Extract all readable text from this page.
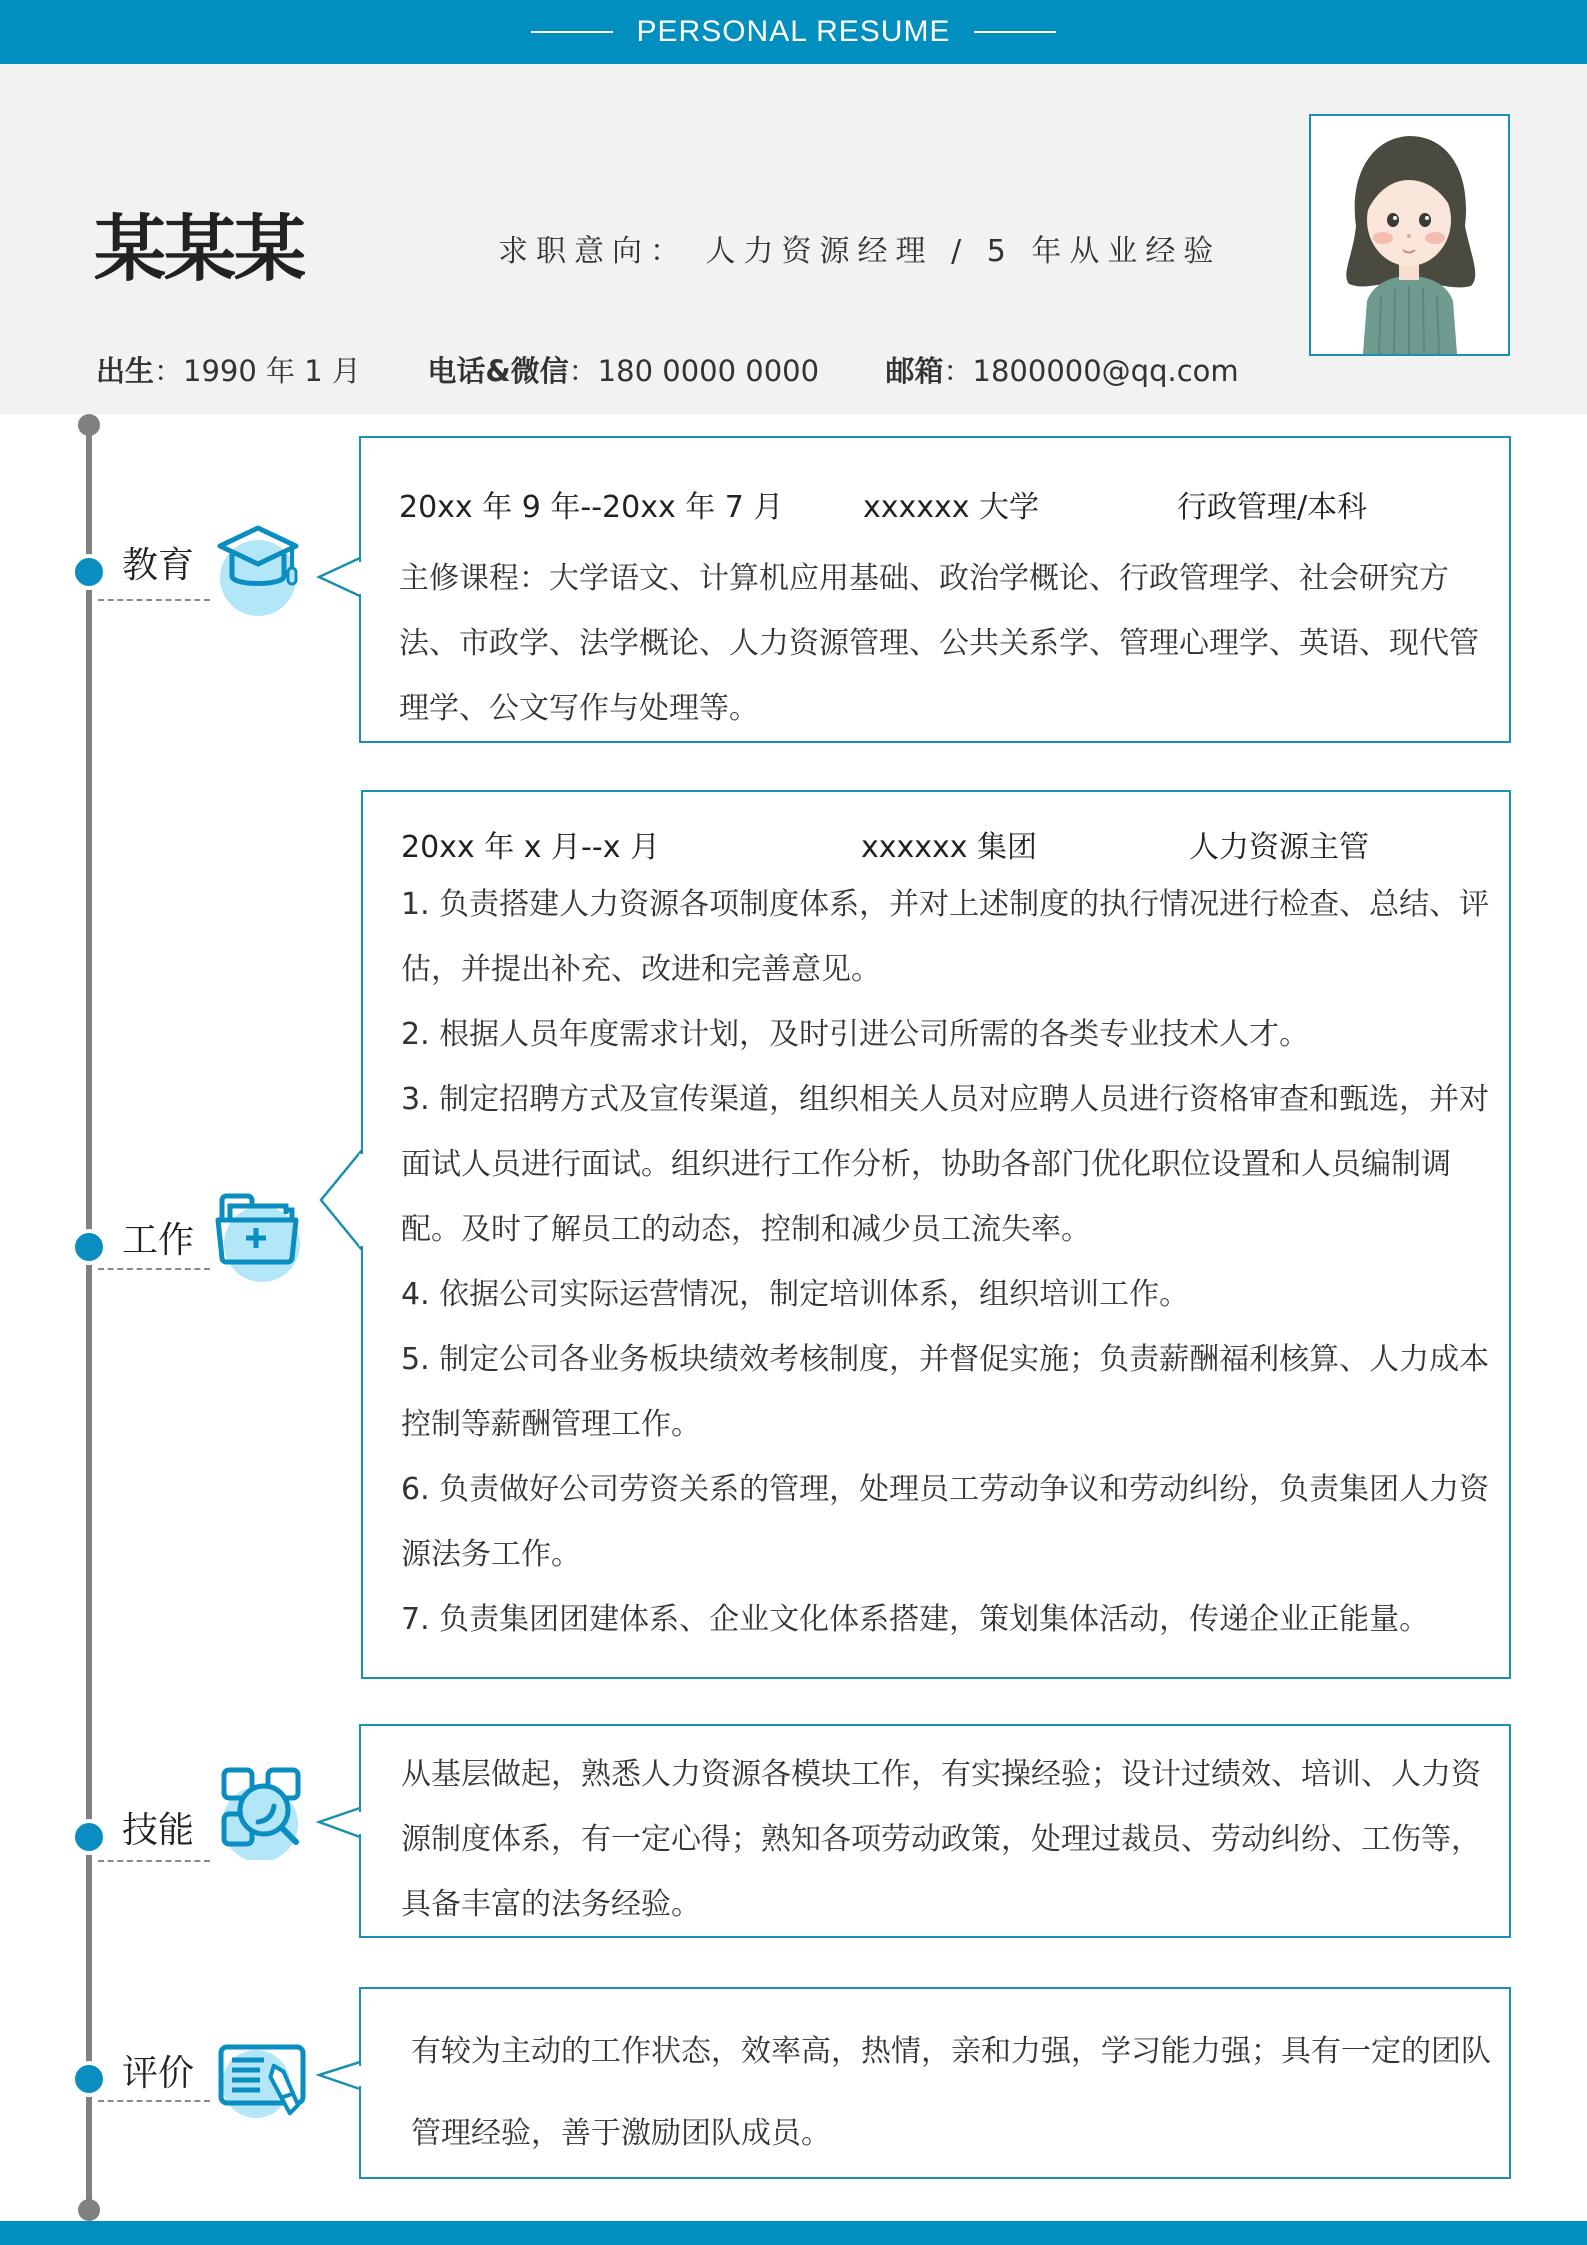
PERSONAL RESUME
某某某	求职意向： 人力资源经理 / 5 年从业经验
出生：1990 年 1 月 电话&微信：180 0000 0000 邮箱：1800000@qq.com
教育
20xx 年 9 年--20xx 年 7 月	xxxxxx 大学	行政管理/本科
主修课程：大学语文、计算机应用基础、政治学概论、行政管理学、社会研究方法、市政学、法学概论、人力资源管理、公共关系学、管理心理学、英语、现代管理学、公文写作与处理等。
工作
20xx 年 x 月--x 月	xxxxxx 集团	人力资源主管
1. 负责搭建人力资源各项制度体系，并对上述制度的执行情况进行检查、总结、评估，并提出补充、改进和完善意见。
2. 根据人员年度需求计划，及时引进公司所需的各类专业技术人才。
3. 制定招聘方式及宣传渠道，组织相关人员对应聘人员进行资格审查和甄选，并对面试人员进行面试。组织进行工作分析，协助各部门优化职位设置和人员编制调配。及时了解员工的动态，控制和减少员工流失率。
4. 依据公司实际运营情况，制定培训体系，组织培训工作。
5. 制定公司各业务板块绩效考核制度，并督促实施；负责薪酬福利核算、人力成本控制等薪酬管理工作。
6. 负责做好公司劳资关系的管理，处理员工劳动争议和劳动纠纷，负责集团人力资源法务工作。
7. 负责集团团建体系、企业文化体系搭建，策划集体活动，传递企业正能量。
技能
从基层做起，熟悉人力资源各模块工作，有实操经验；设计过绩效、培训、人力资源制度体系，有一定心得；熟知各项劳动政策，处理过裁员、劳动纠纷、工伤等，具备丰富的法务经验。
评价
有较为主动的工作状态，效率高，热情，亲和力强，学习能力强；具有一定的团队管理经验，善于激励团队成员。
